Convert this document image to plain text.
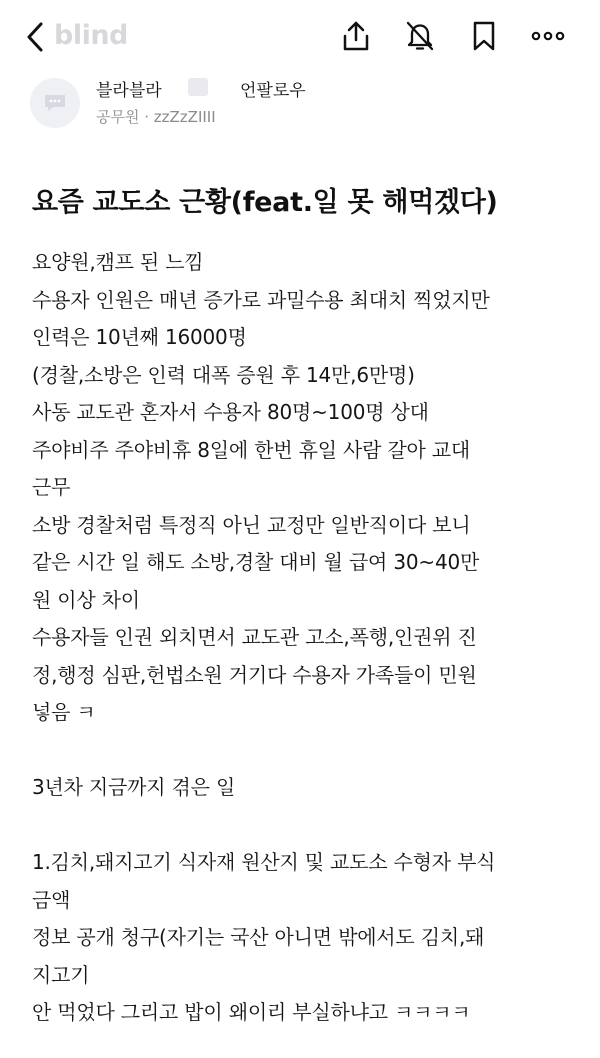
blind
블라블라	언팔로우
공무원 · zzZzZIIII
요즘 교도소 근황(feat.일 못 해먹겠다)
요양원,캠프 된 느낌
수용자 인원은 매년 증가로 과밀수용 최대치 찍었지만
인력은 10년째 16000명
(경찰,소방은 인력 대폭 증원 후 14만,6만명)
사동 교도관 혼자서 수용자 80명~100명 상대
주야비주 주야비휴 8일에 한번 휴일 사람 갈아 교대
근무
소방 경찰처럼 특정직 아닌 교정만 일반직이다 보니
같은 시간 일 해도 소방,경찰 대비 월 급여 30~40만
원 이상 차이
수용자들 인권 외치면서 교도관 고소,폭행,인권위 진
정,행정 심판,헌법소원 거기다 수용자 가족들이 민원
넣음 ㅋ
3년차 지금까지 겪은 일
1.김치,돼지고기 식자재 원산지 및 교도소 수형자 부식
금액
정보 공개 청구(자기는 국산 아니면 밖에서도 김치,돼
지고기
안 먹었다 그리고 밥이 왜이리 부실하냐고 ㅋㅋㅋㅋ
